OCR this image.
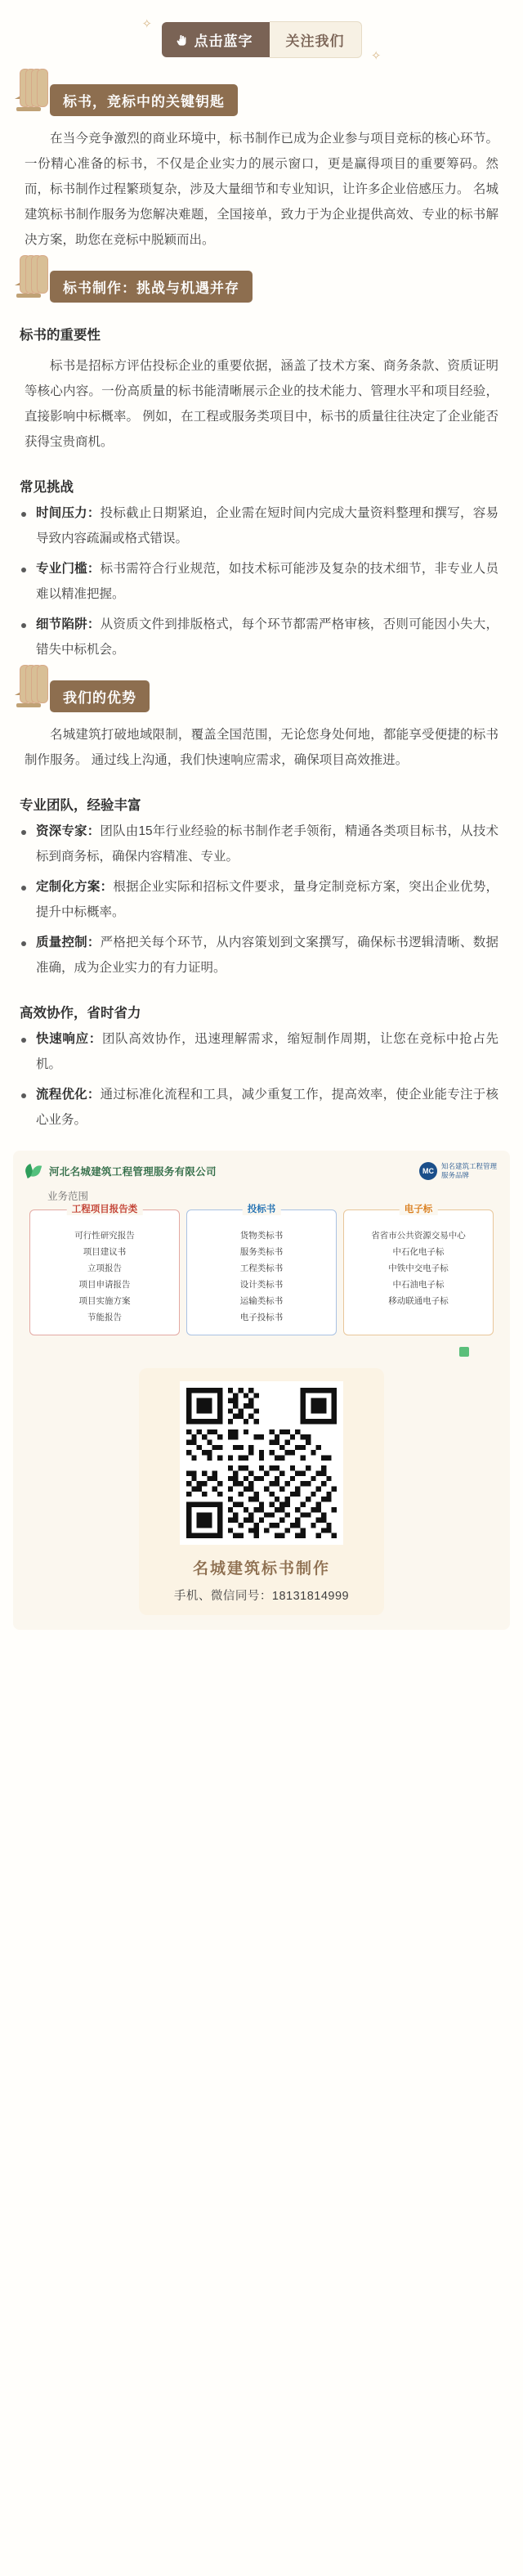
✧
点击蓝字	关注我们
✧
标书，竞标中的关键钥匙

在当今竞争激烈的商业环境中，标书制作已成为企业参与项目竞标的核心环节。一份精心准备的标书，不仅是企业实力的展示窗口，更是赢得项目的重要筹码。然而，标书制作过程繁琐复杂，涉及大量细节和专业知识，让许多企业倍感压力。 名城建筑标书制作服务为您解决难题，全国接单，致力于为企业提供高效、专业的标书解决方案，助您在竞标中脱颖而出。

标书制作：挑战与机遇并存
标书的重要性

标书是招标方评估投标企业的重要依据，涵盖了技术方案、商务条款、资质证明等核心内容。一份高质量的标书能清晰展示企业的技术能力、管理水平和项目经验，直接影响中标概率。 例如，在工程或服务类项目中，标书的质量往往决定了企业能否获得宝贵商机。

常见挑战
时间压力：投标截止日期紧迫，企业需在短时间内完成大量资料整理和撰写，容易导致内容疏漏或格式错误。
专业门槛：标书需符合行业规范，如技术标可能涉及复杂的技术细节，非专业人员难以精准把握。
细节陷阱：从资质文件到排版格式，每个环节都需严格审核，否则可能因小失大，错失中标机会。
我们的优势

名城建筑打破地域限制，覆盖全国范围，无论您身处何地，都能享受便捷的标书制作服务。 通过线上沟通，我们快速响应需求，确保项目高效推进。

专业团队，经验丰富
资深专家：团队由15年行业经验的标书制作老手领衔，精通各类项目标书，从技术标到商务标，确保内容精准、专业。
定制化方案：根据企业实际和招标文件要求，量身定制竞标方案，突出企业优势，提升中标概率。
质量控制：严格把关每个环节，从内容策划到文案撰写，确保标书逻辑清晰、数据准确，成为企业实力的有力证明。
高效协作，省时省力
快速响应：团队高效协作，迅速理解需求，缩短制作周期，让您在竞标中抢占先机。
流程优化：通过标准化流程和工具，减少重复工作，提高效率，使企业能专注于核心业务。
河北名城建筑工程管理服务有限公司	MC
知名建筑工程管理服务品牌
业务范围
工程项目报告类
可行性研究报告
项目建议书
立项报告
项目申请报告
项目实施方案
节能报告
投标书
货物类标书
服务类标书
工程类标书
设计类标书
运输类标书
电子投标书
电子标
省省市公共资源交易中心
中石化电子标
中铁中交电子标
中石油电子标
移动联通电子标
名城建筑标书制作
手机、微信同号：18131814999
